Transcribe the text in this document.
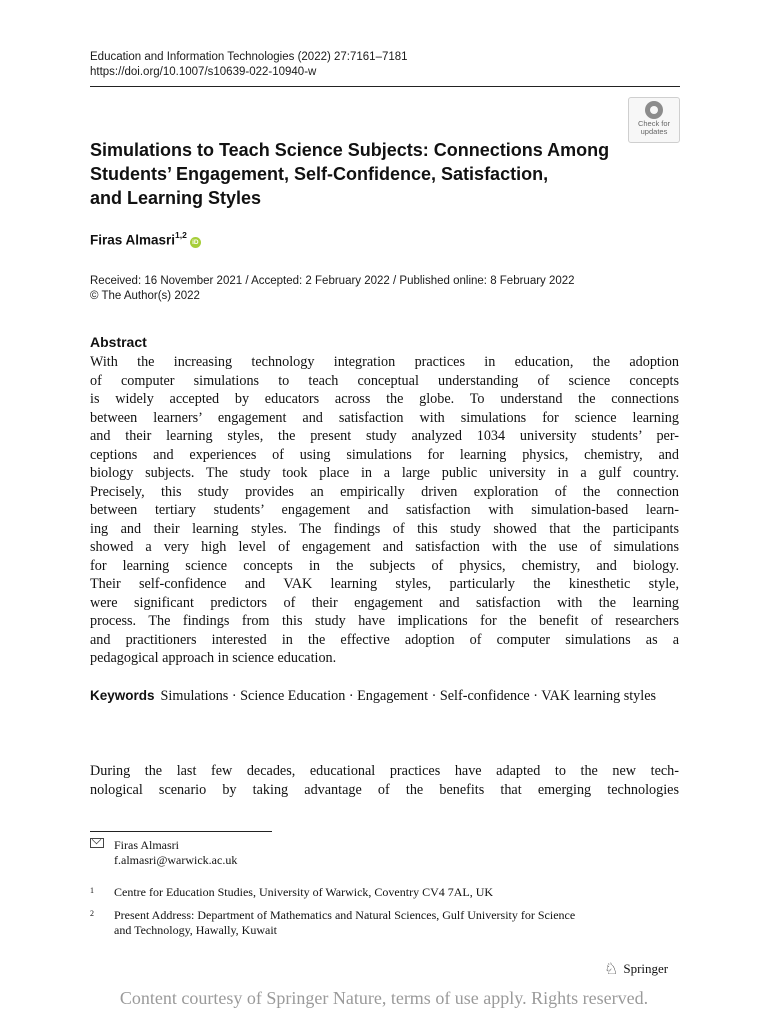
Education and Information Technologies (2022) 27:7161–7181
https://doi.org/10.1007/s10639-022-10940-w
Check for
updates
Simulations to Teach Science Subjects: Connections Among
Students’ Engagement, Self-Confidence, Satisfaction,
and Learning Styles
Firas Almasri$^{1,2}$iD
Received: 16 November 2021 / Accepted: 2 February 2022 / Published online: 8 February 2022
© The Author(s) 2022
Abstract
With the increasing technology integration practices in education, the adoption
of computer simulations to teach conceptual understanding of science concepts
is widely accepted by educators across the globe. To understand the connections
between learners’ engagement and satisfaction with simulations for science learning
and their learning styles, the present study analyzed 1034 university students’ per-
ceptions and experiences of using simulations for learning physics, chemistry, and
biology subjects. The study took place in a large public university in a gulf country.
Precisely, this study provides an empirically driven exploration of the connection
between tertiary students’ engagement and satisfaction with simulation-based learn-
ing and their learning styles. The findings of this study showed that the participants
showed a very high level of engagement and satisfaction with the use of simulations
for learning science concepts in the subjects of physics, chemistry, and biology.
Their self-confidence and VAK learning styles, particularly the kinesthetic style,
were significant predictors of their engagement and satisfaction with the learning
process. The findings from this study have implications for the benefit of researchers
and practitioners interested in the effective adoption of computer simulations as a
pedagogical approach in science education.
Keywords Simulations · Science Education · Engagement · Self-confidence · VAK learning styles
During the last few decades, educational practices have adapted to the new tech-
nological scenario by taking advantage of the benefits that emerging technologies
Firas Almasri
f.almasri@warwick.ac.uk
1 Centre for Education Studies, University of Warwick, Coventry CV4 7AL, UK
2 Present Address: Department of Mathematics and Natural Sciences, Gulf University for Science
and Technology, Hawally, Kuwait
♘ Springer
Content courtesy of Springer Nature, terms of use apply. Rights reserved.
